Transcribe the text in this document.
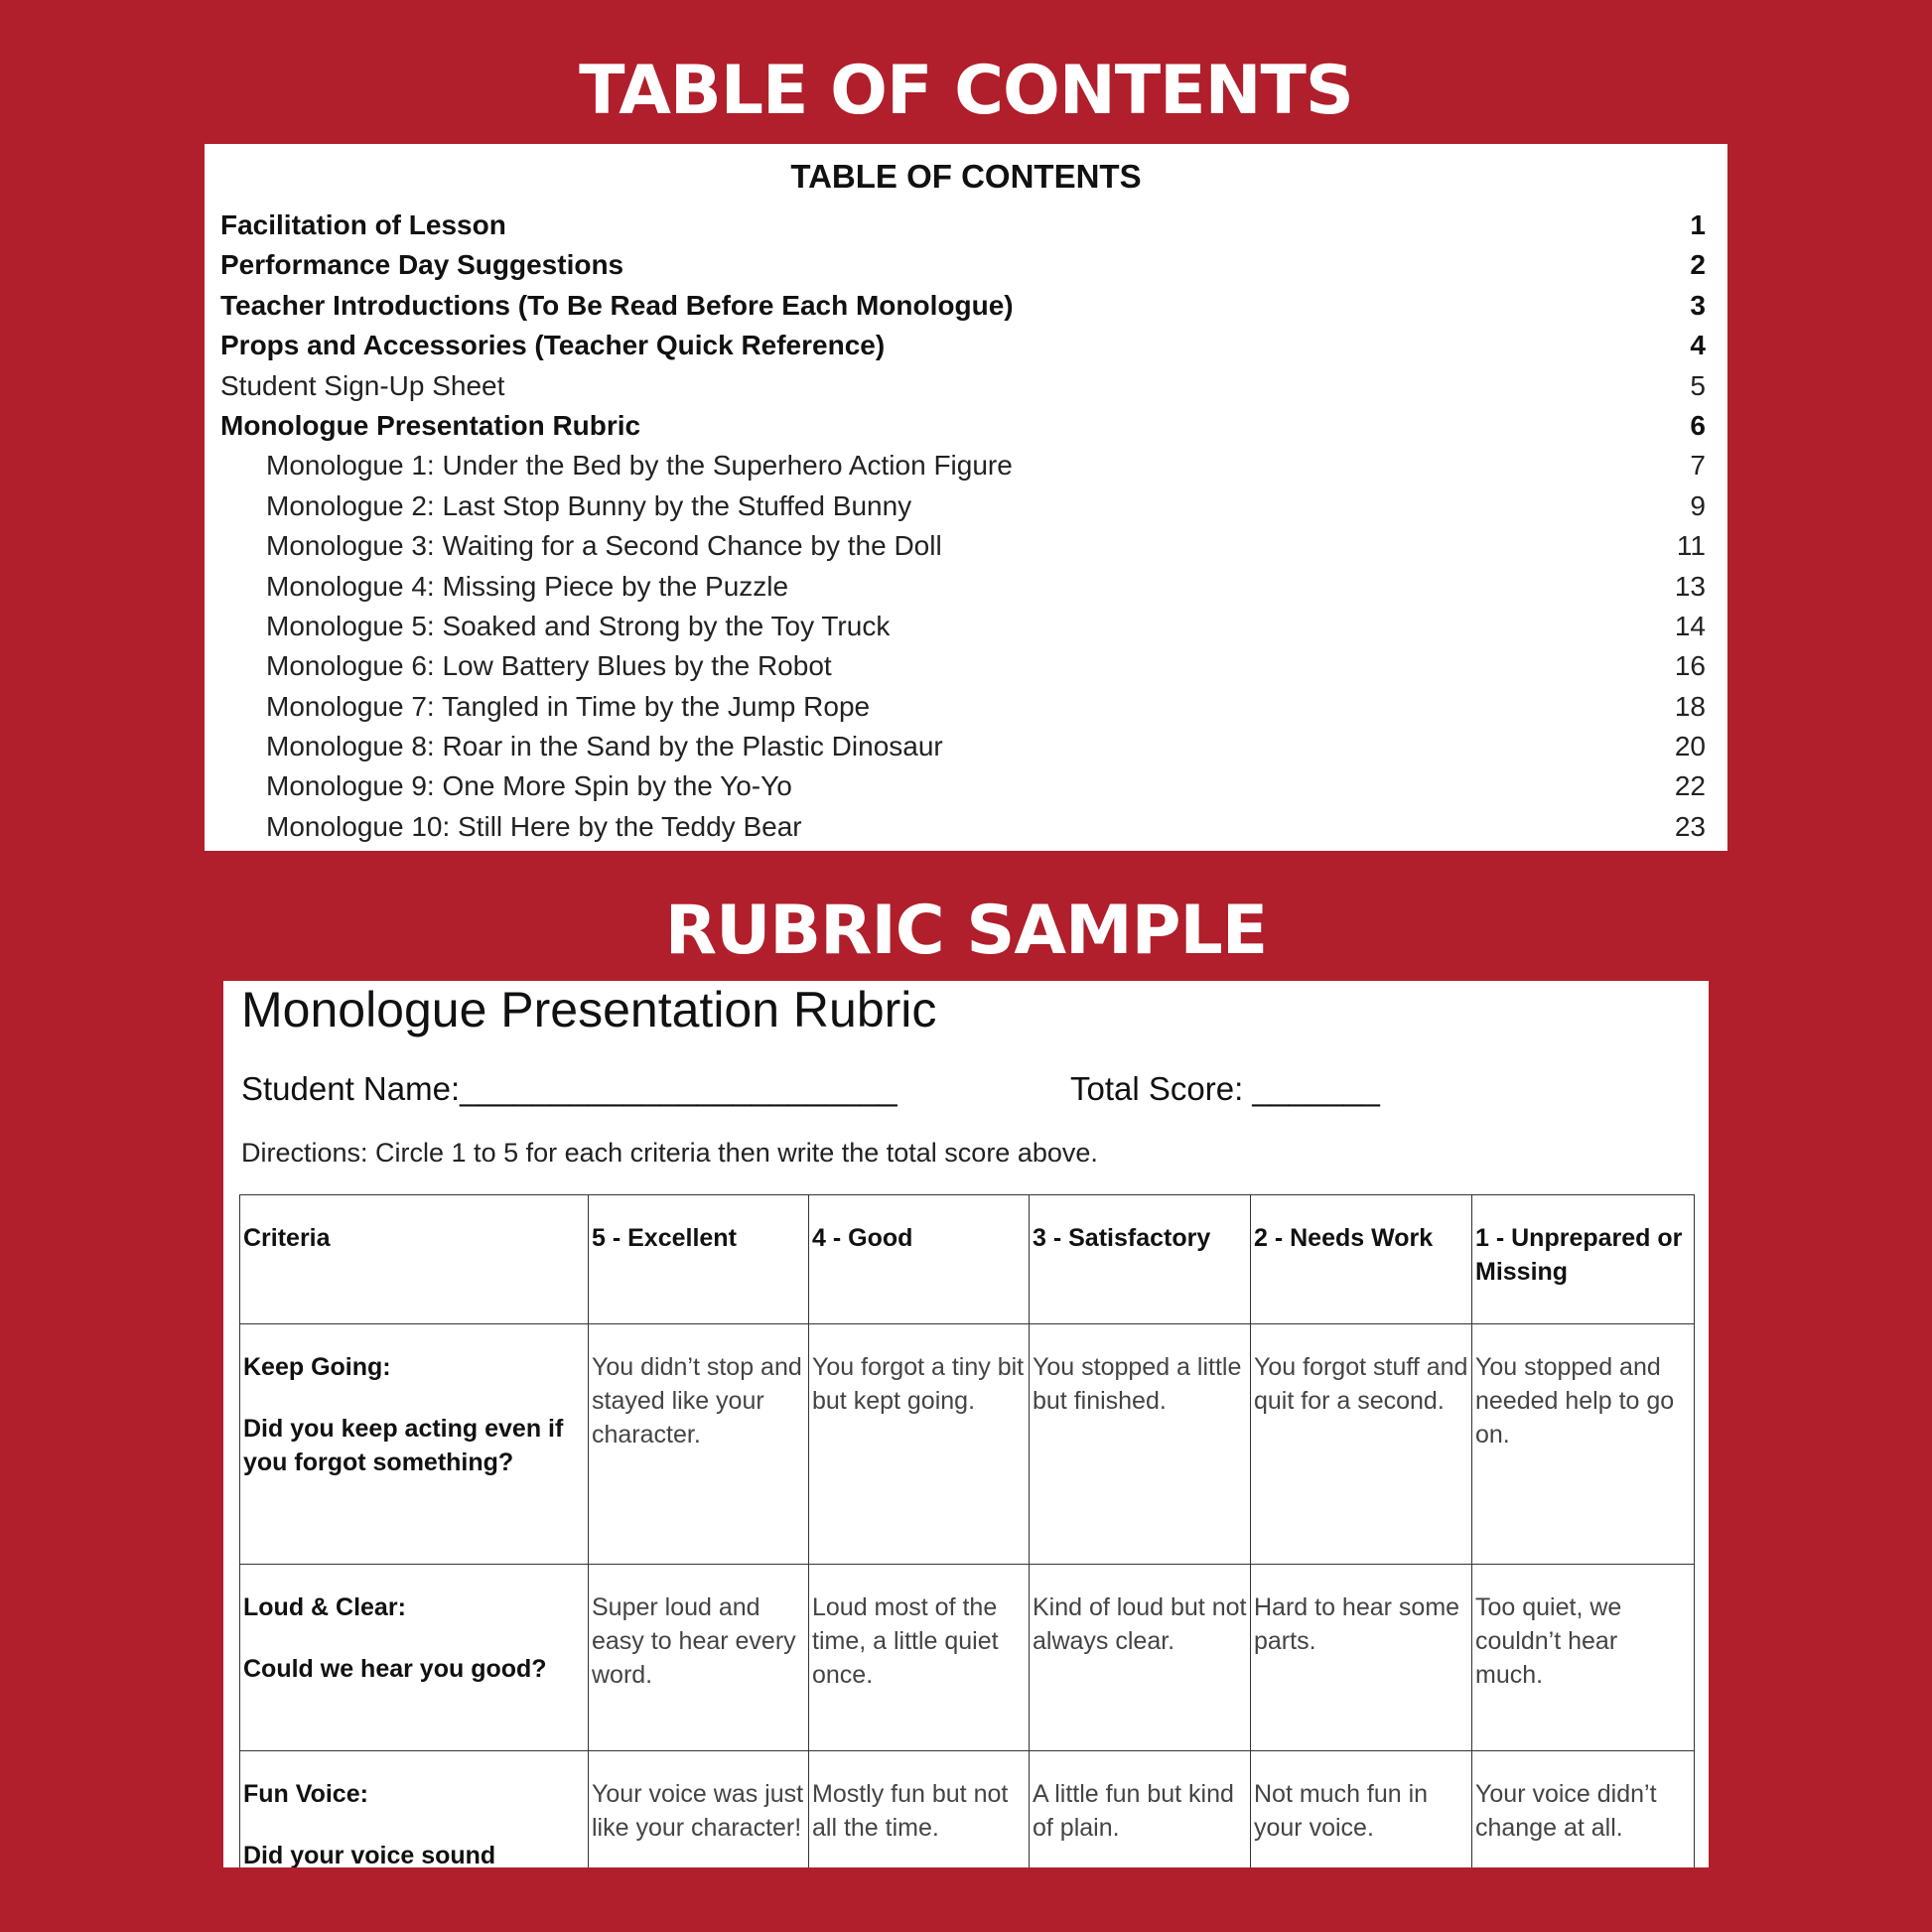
TABLE OF CONTENTS
TABLE OF CONTENTS
Facilitation of Lesson	1
Performance Day Suggestions	2
Teacher Introductions (To Be Read Before Each Monologue)	3
Props and Accessories (Teacher Quick Reference)	4
Student Sign-Up Sheet	5
Monologue Presentation Rubric	6
Monologue 1: Under the Bed by the Superhero Action Figure	7
Monologue 2: Last Stop Bunny by the Stuffed Bunny	9
Monologue 3: Waiting for a Second Chance by the Doll	11
Monologue 4: Missing Piece by the Puzzle	13
Monologue 5: Soaked and Strong by the Toy Truck	14
Monologue 6: Low Battery Blues by the Robot	16
Monologue 7: Tangled in Time by the Jump Rope	18
Monologue 8: Roar in the Sand by the Plastic Dinosaur	20
Monologue 9: One More Spin by the Yo-Yo	22
Monologue 10: Still Here by the Teddy Bear	23
RUBRIC SAMPLE
Monologue Presentation Rubric
Student Name:________________________	Total Score: _______
Directions: Circle 1 to 5 for each criteria then write the total score above.
Criteria	5 - Excellent	4 - Good	3 - Satisfactory	2 - Needs Work	1 - Unprepared or Missing
Keep Going:
Did you keep acting even if you forgot something?	You didn’t stop and stayed like your character.	You forgot a tiny bit but kept going.	You stopped a little but finished.	You forgot stuff and quit for a second.	You stopped and needed help to go on.
Loud & Clear:
Could we hear you good?	Super loud and easy to hear every word.	Loud most of the time, a little quiet once.	Kind of loud but not always clear.	Hard to hear some parts.	Too quiet, we couldn’t hear much.
Fun Voice:
Did your voice sound	Your voice was just like your character!	Mostly fun but not all the time.	A little fun but kind of plain.	Not much fun in your voice.	Your voice didn’t change at all.
